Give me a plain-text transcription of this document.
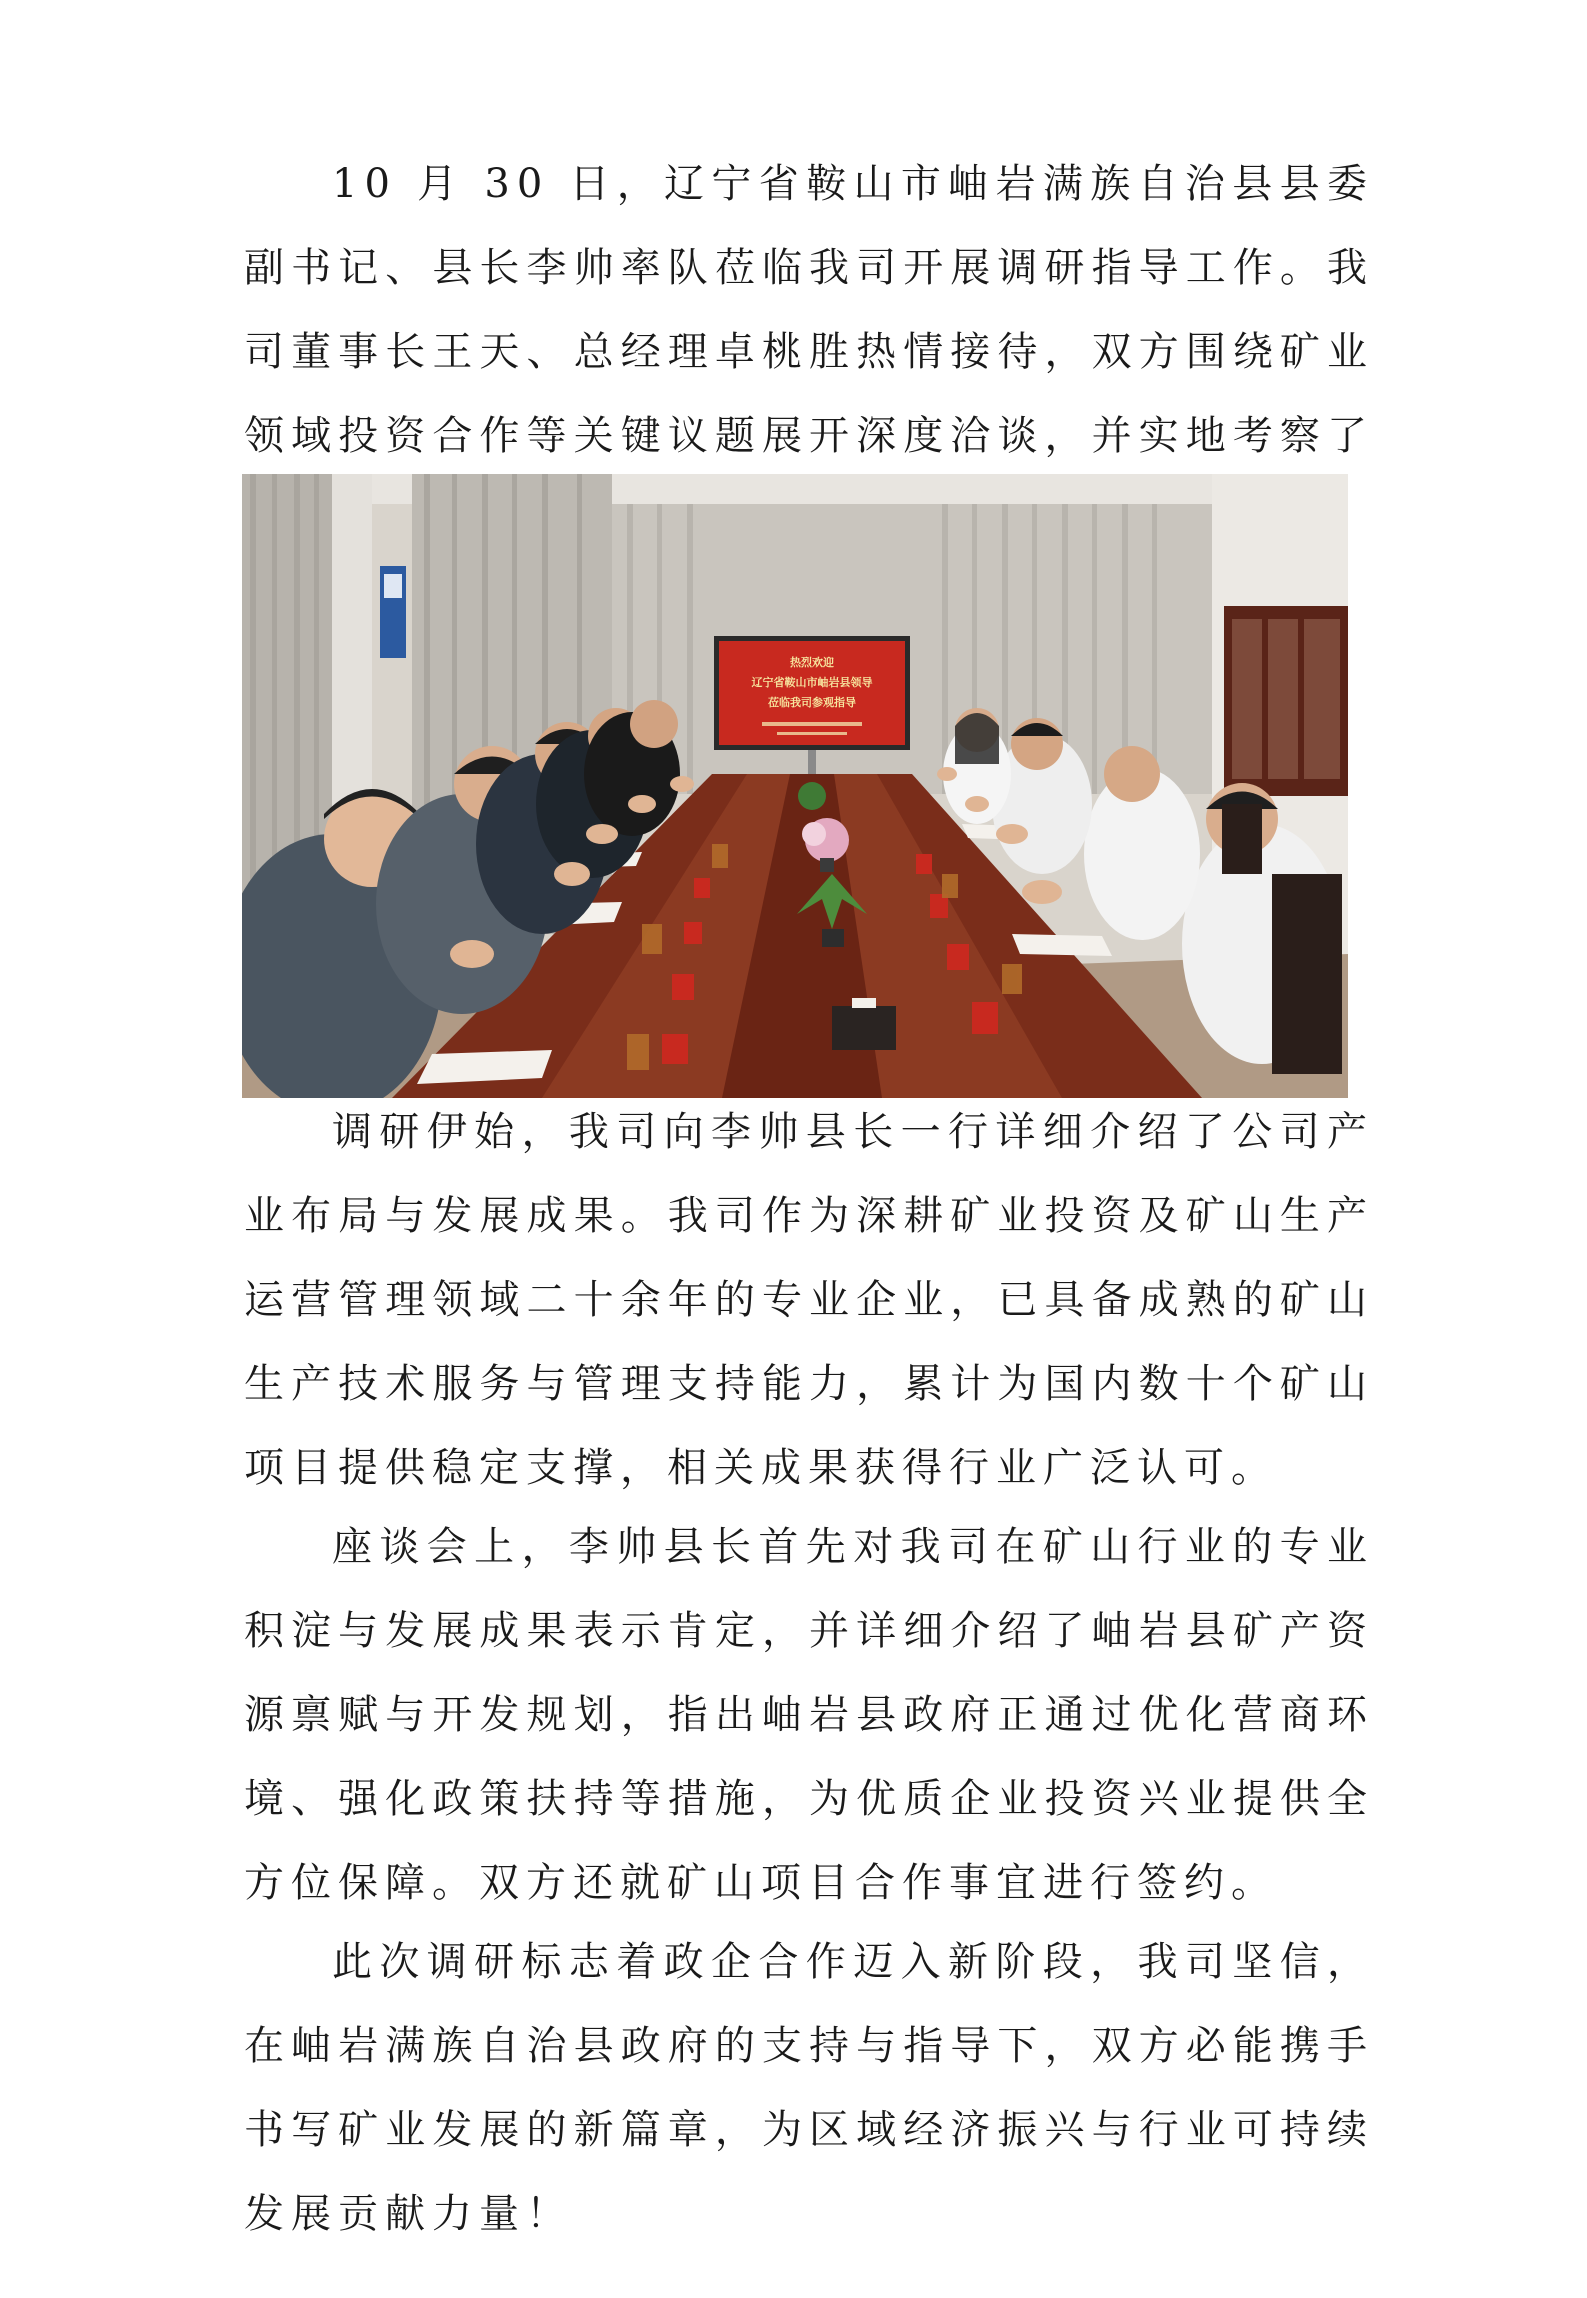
10 月 30 日，辽宁省鞍山市岫岩满族自治县县委副书记、县长李帅率队莅临我司开展调研指导工作。我司董事长王天、总经理卓桃胜热情接待，双方围绕矿业领域投资合作等关键议题展开深度洽谈，并实地考察了

热烈欢迎
辽宁省鞍山市岫岩县领导
莅临我司参观指导

调研伊始，我司向李帅县长一行详细介绍了公司产业布局与发展成果。我司作为深耕矿业投资及矿山生产运营管理领域二十余年的专业企业，已具备成熟的矿山生产技术服务与管理支持能力，累计为国内数十个矿山项目提供稳定支撑，相关成果获得行业广泛认可。

座谈会上，李帅县长首先对我司在矿山行业的专业积淀与发展成果表示肯定，并详细介绍了岫岩县矿产资源禀赋与开发规划，指出岫岩县政府正通过优化营商环境、强化政策扶持等措施，为优质企业投资兴业提供全方位保障。双方还就矿山项目合作事宜进行签约。

此次调研标志着政企合作迈入新阶段，我司坚信，在岫岩满族自治县政府的支持与指导下，双方必能携手书写矿业发展的新篇章，为区域经济振兴与行业可持续发展贡献力量！
